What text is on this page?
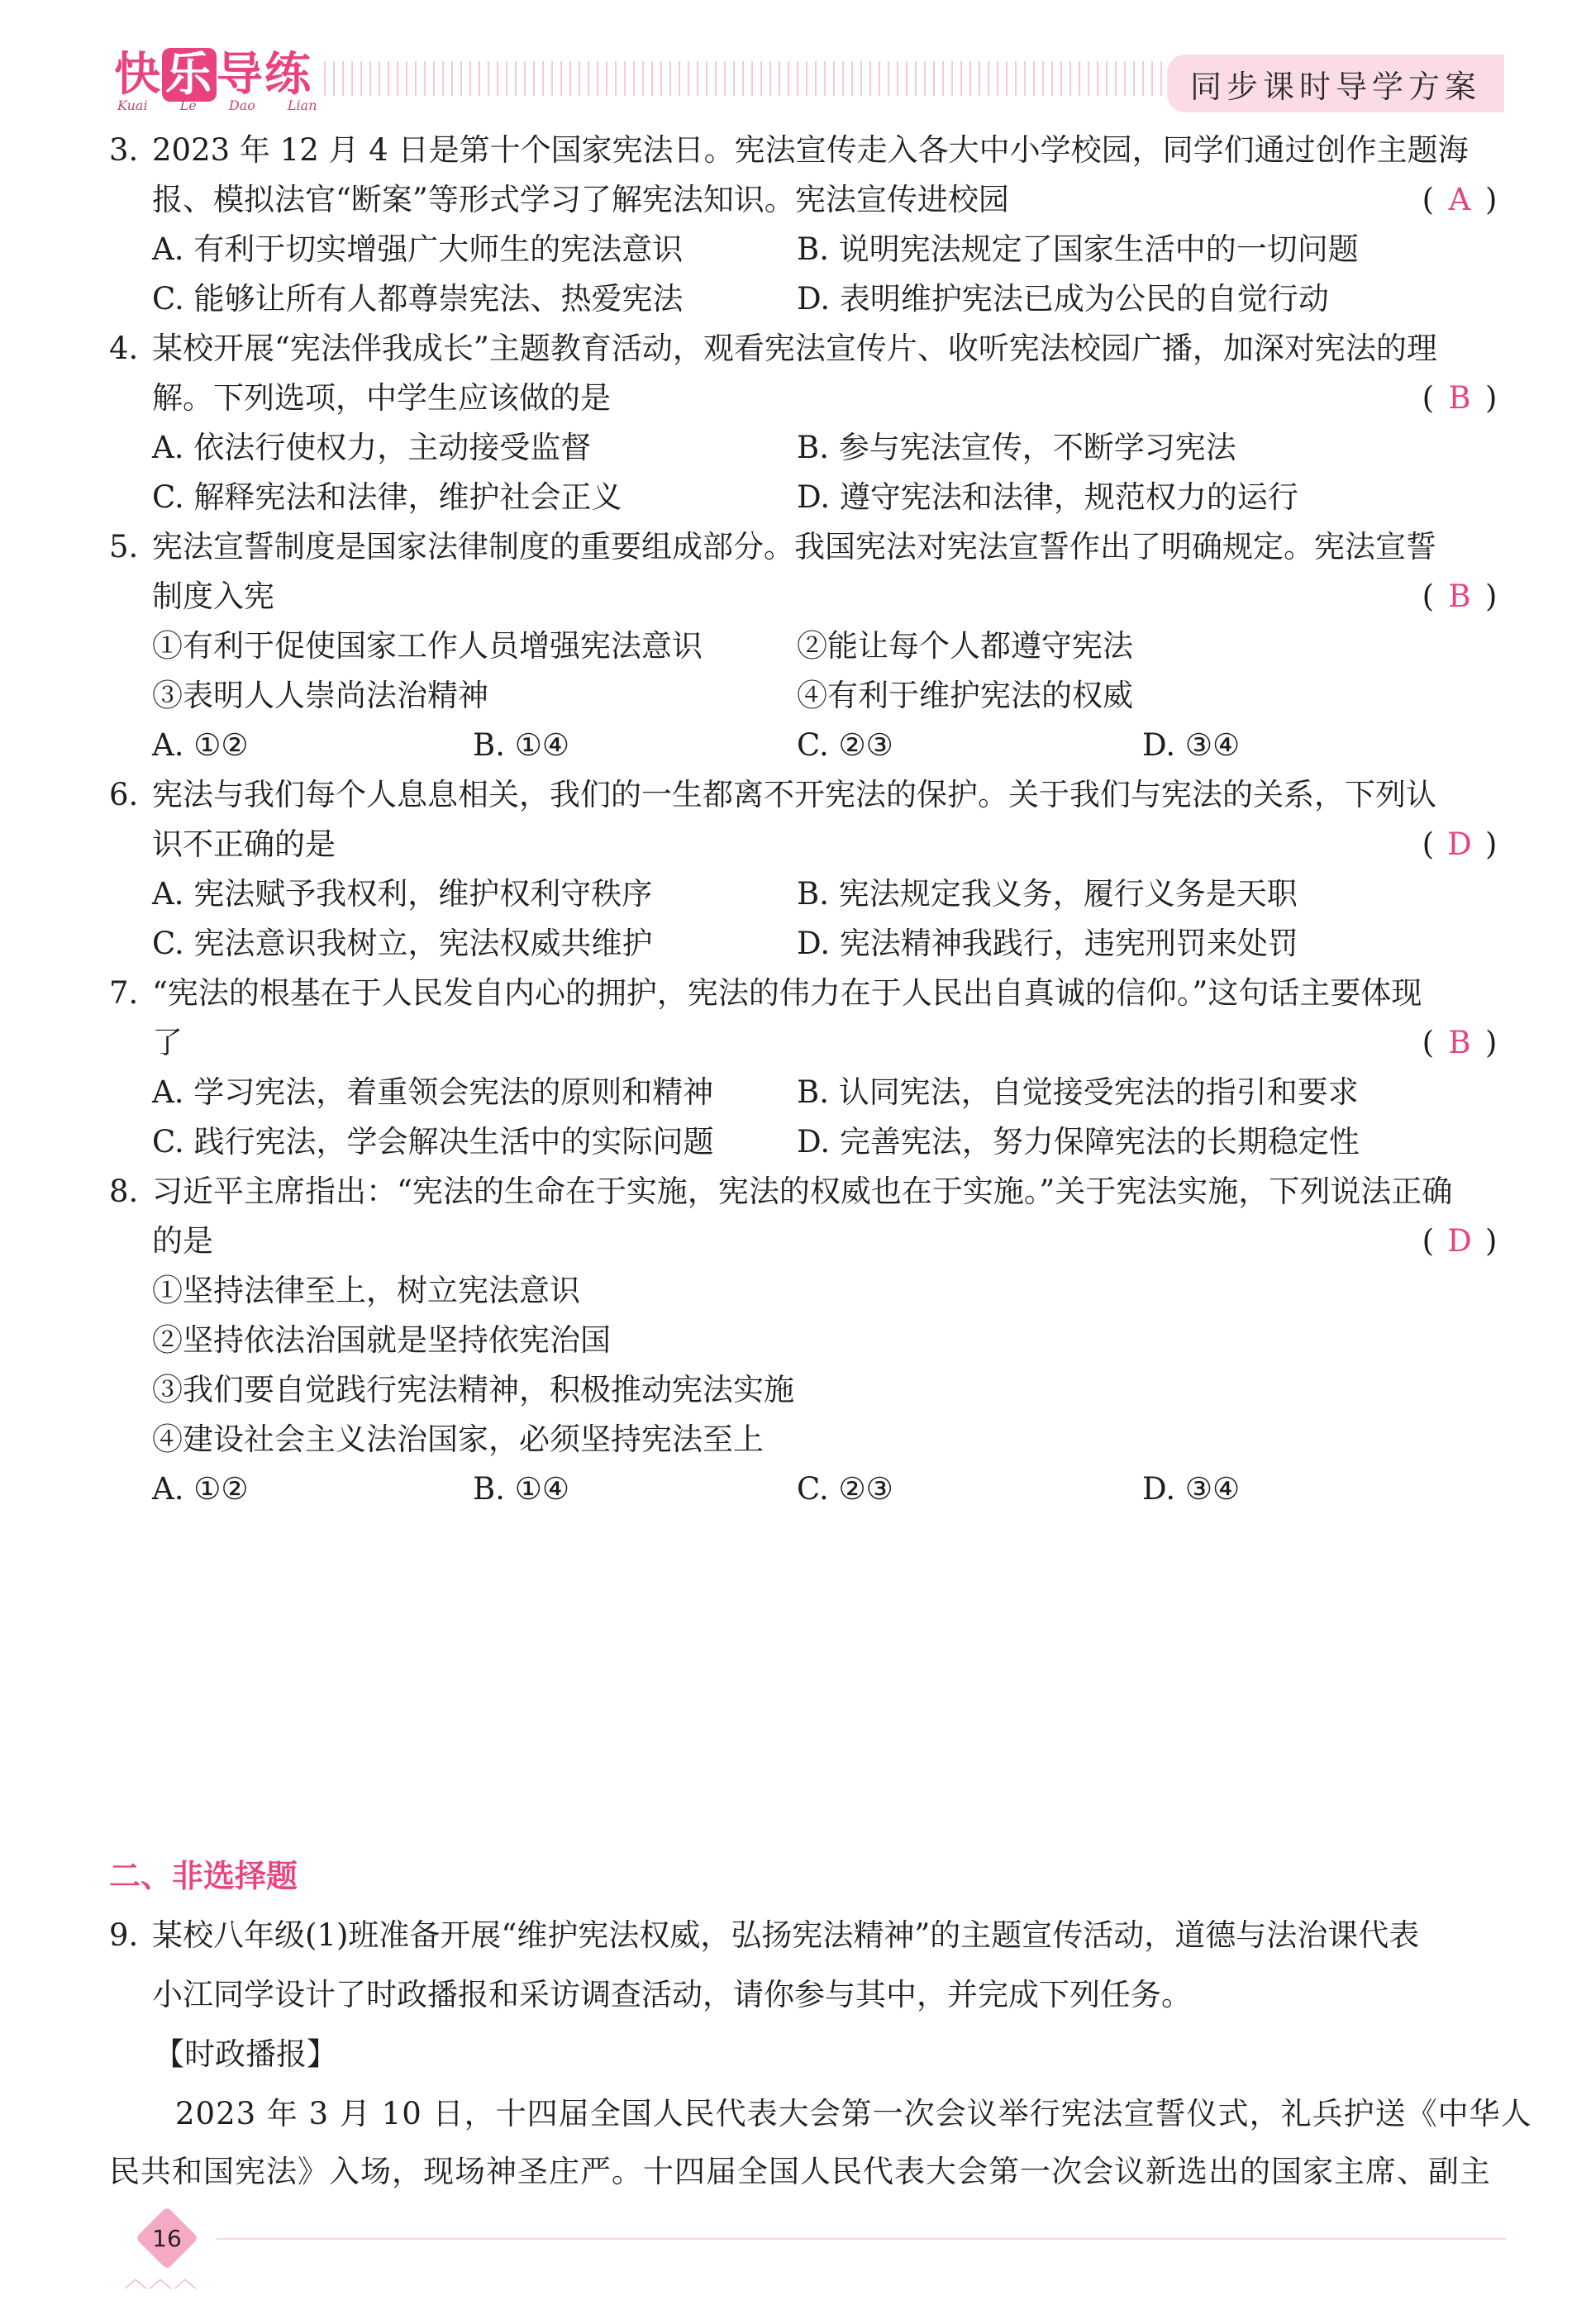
快乐导练
Kuai Le Dao Lian
同步课时导学方案
3. 2023 年 12 月 4 日是第十个国家宪法日。宪法宣传走入各大中小学校园，同学们通过创作主题海
报、模拟法官“断案”等形式学习了解宪法知识。宪法宣传进校园	( A )
A. 有利于切实增强广大师生的宪法意识	B. 说明宪法规定了国家生活中的一切问题
C. 能够让所有人都尊崇宪法、热爱宪法	D. 表明维护宪法已成为公民的自觉行动
4. 某校开展“宪法伴我成长”主题教育活动，观看宪法宣传片、收听宪法校园广播，加深对宪法的理
解。下列选项，中学生应该做的是	( B )
A. 依法行使权力，主动接受监督	B. 参与宪法宣传，不断学习宪法
C. 解释宪法和法律，维护社会正义	D. 遵守宪法和法律，规范权力的运行
5. 宪法宣誓制度是国家法律制度的重要组成部分。我国宪法对宪法宣誓作出了明确规定。宪法宣誓
制度入宪	( B )
①有利于促使国家工作人员增强宪法意识	②能让每个人都遵守宪法
③表明人人崇尚法治精神	④有利于维护宪法的权威
A. ①②	B. ①④	C. ②③	D. ③④
6. 宪法与我们每个人息息相关，我们的一生都离不开宪法的保护。关于我们与宪法的关系，下列认
识不正确的是	( D )
A. 宪法赋予我权利，维护权利守秩序	B. 宪法规定我义务，履行义务是天职
C. 宪法意识我树立，宪法权威共维护	D. 宪法精神我践行，违宪刑罚来处罚
7. “宪法的根基在于人民发自内心的拥护，宪法的伟力在于人民出自真诚的信仰。”这句话主要体现
了	( B )
A. 学习宪法，着重领会宪法的原则和精神	B. 认同宪法，自觉接受宪法的指引和要求
C. 践行宪法，学会解决生活中的实际问题	D. 完善宪法，努力保障宪法的长期稳定性
8. 习近平主席指出：“宪法的生命在于实施，宪法的权威也在于实施。”关于宪法实施，下列说法正确
的是	( D )
①坚持法律至上，树立宪法意识
②坚持依法治国就是坚持依宪治国
③我们要自觉践行宪法精神，积极推动宪法实施
④建设社会主义法治国家，必须坚持宪法至上
A. ①②	B. ①④	C. ②③	D. ③④
二、非选择题
9. 某校八年级(1)班准备开展“维护宪法权威，弘扬宪法精神”的主题宣传活动，道德与法治课代表
小江同学设计了时政播报和采访调查活动，请你参与其中，并完成下列任务。
【时政播报】
2023 年 3 月 10 日，十四届全国人民代表大会第一次会议举行宪法宣誓仪式，礼兵护送《中华人
民共和国宪法》入场，现场神圣庄严。十四届全国人民代表大会第一次会议新选出的国家主席、副主
16
︿︿︿
